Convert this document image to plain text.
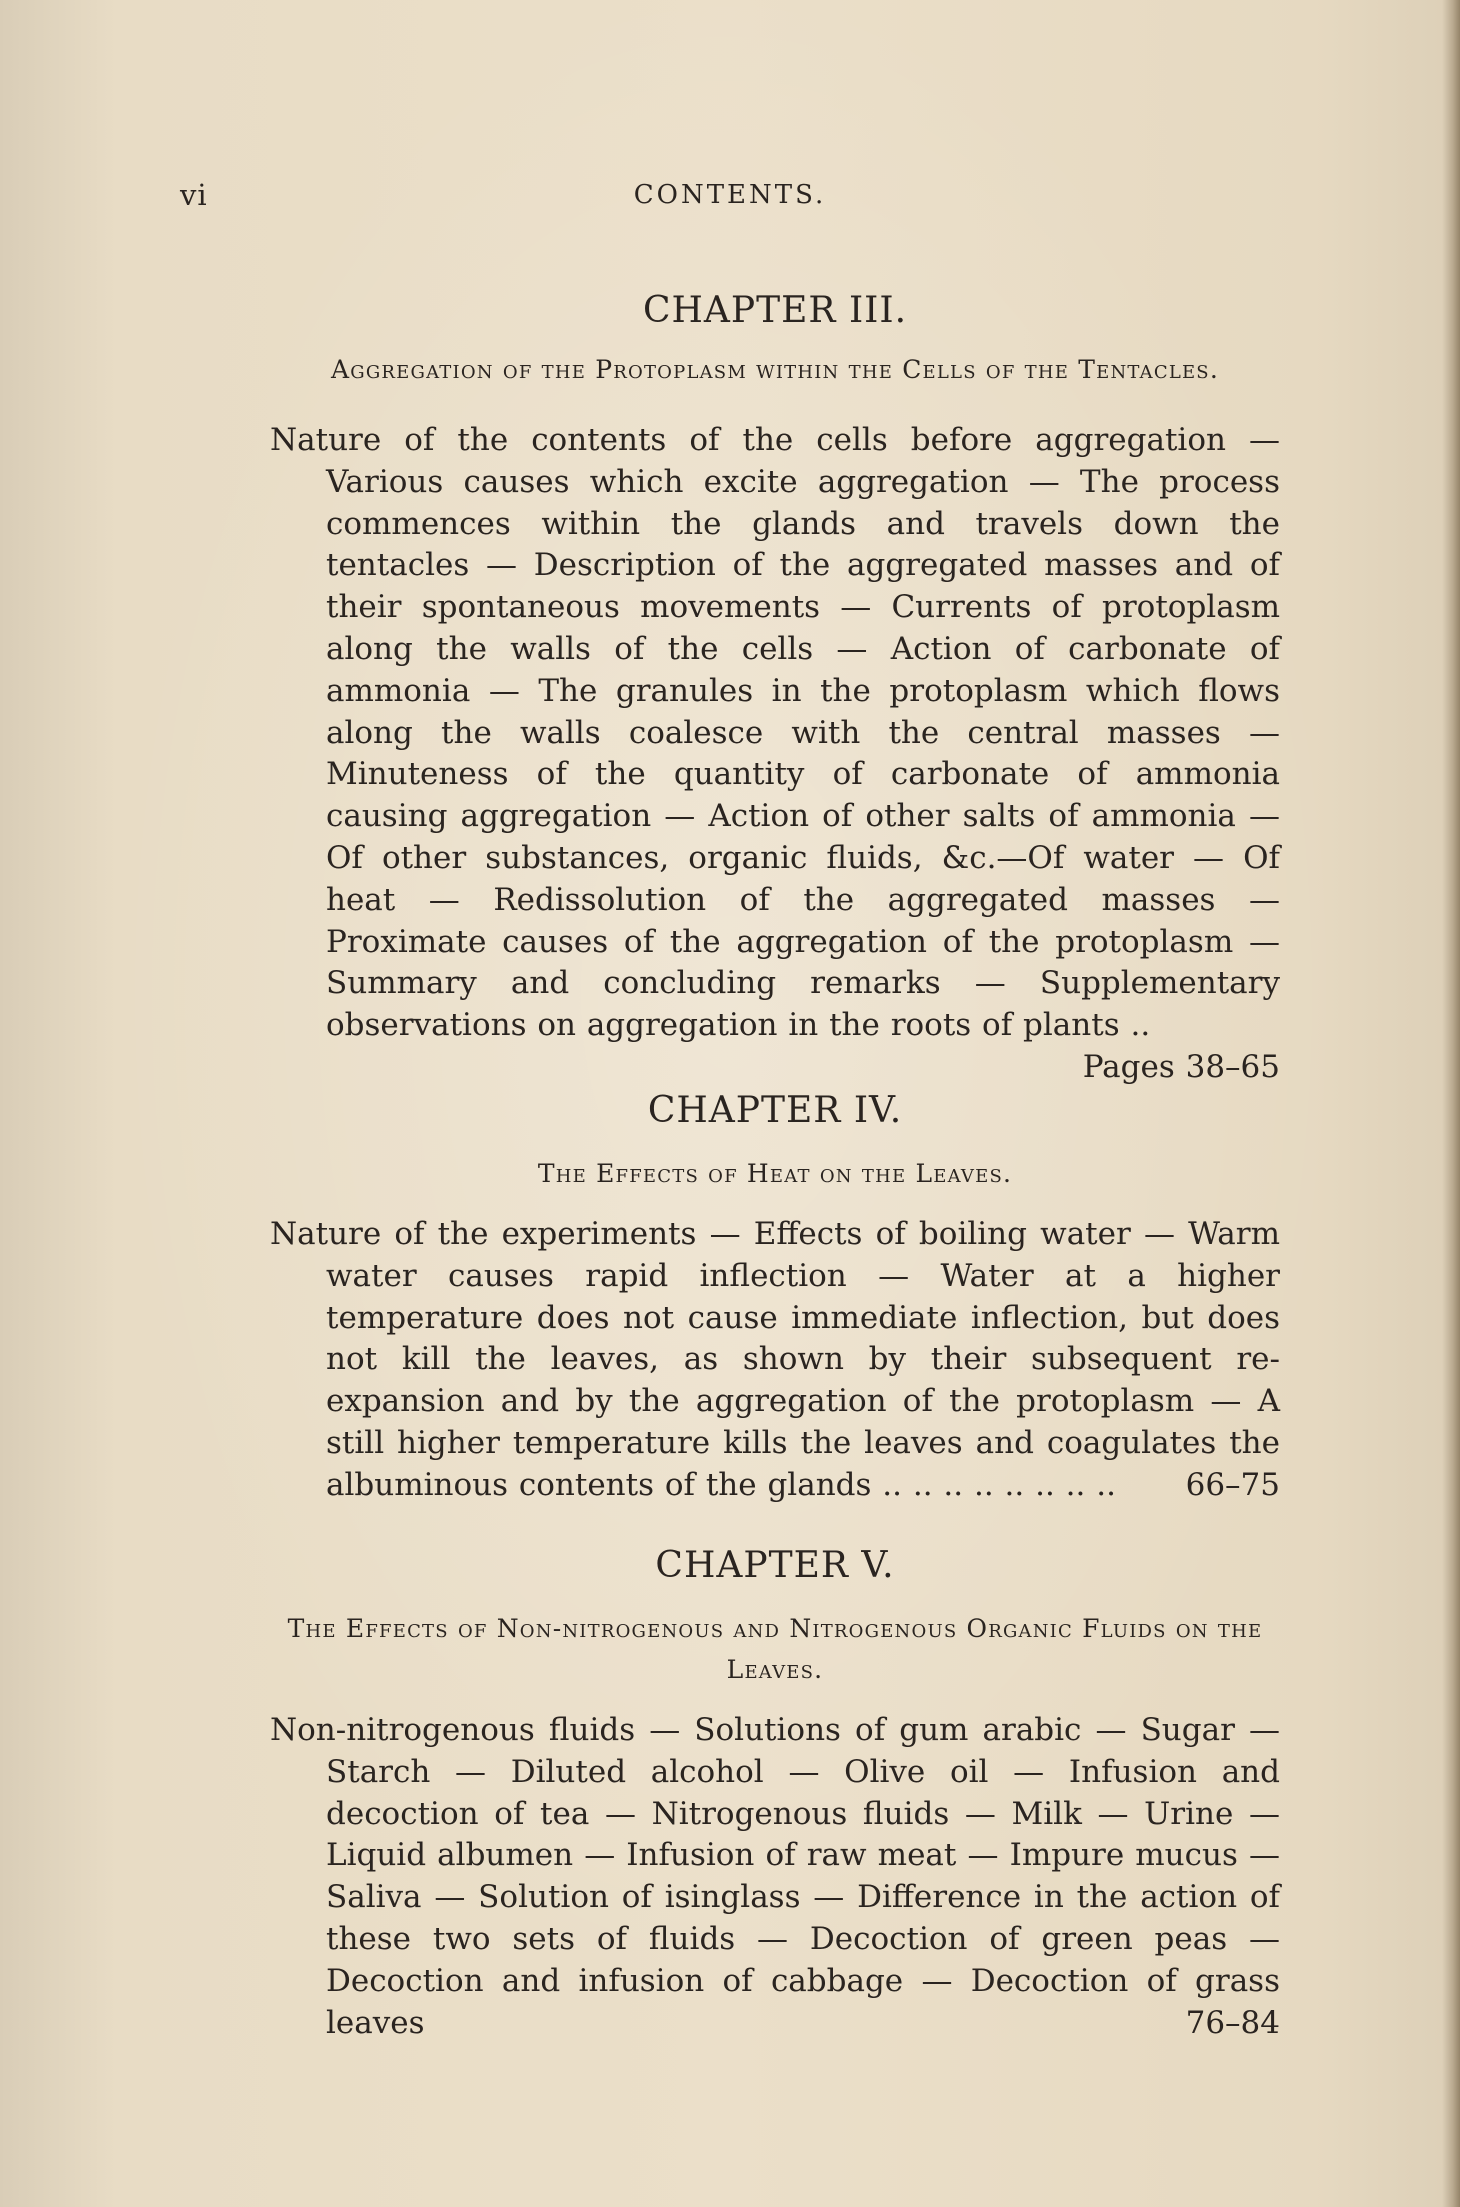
vi	CONTENTS.
CHAPTER III.
Aggregation of the Protoplasm within the Cells of the Tentacles.

Nature of the contents of the cells before aggregation — Various causes which excite aggregation — The process commences within the glands and travels down the tentacles — Description of the aggregated masses and of their spontaneous movements — Currents of protoplasm along the walls of the cells — Action of carbonate of ammonia — The granules in the protoplasm which flows along the walls coalesce with the central masses — Minuteness of the quantity of carbonate of ammonia causing aggregation — Action of other salts of ammonia — Of other substances, organic fluids, &c.—Of water — Of heat — Redissolution of the aggregated masses — Proximate causes of the aggregation of the protoplasm — Summary and concluding remarks — Supplementary observations on aggregation in the roots of plants ..
Pages 38–65

CHAPTER IV.
The Effects of Heat on the Leaves.

Nature of the experiments — Effects of boiling water — Warm water causes rapid inflection — Water at a higher temperature does not cause immediate inflection, but does not kill the leaves, as shown by their subsequent re-expansion and by the aggregation of the protoplasm — A still higher temperature kills the leaves and coagulates the albuminous contents of the glands .. .. .. .. .. .. .. .. 66–75

CHAPTER V.
The Effects of Non-nitrogenous and Nitrogenous Organic Fluids on the Leaves.

Non-nitrogenous fluids — Solutions of gum arabic — Sugar — Starch — Diluted alcohol — Olive oil — Infusion and decoction of tea — Nitrogenous fluids — Milk — Urine — Liquid albumen — Infusion of raw meat — Impure mucus — Saliva — Solution of isinglass — Difference in the action of these two sets of fluids — Decoction of green peas — Decoction and infusion of cabbage — Decoction of grass leaves	76–84
